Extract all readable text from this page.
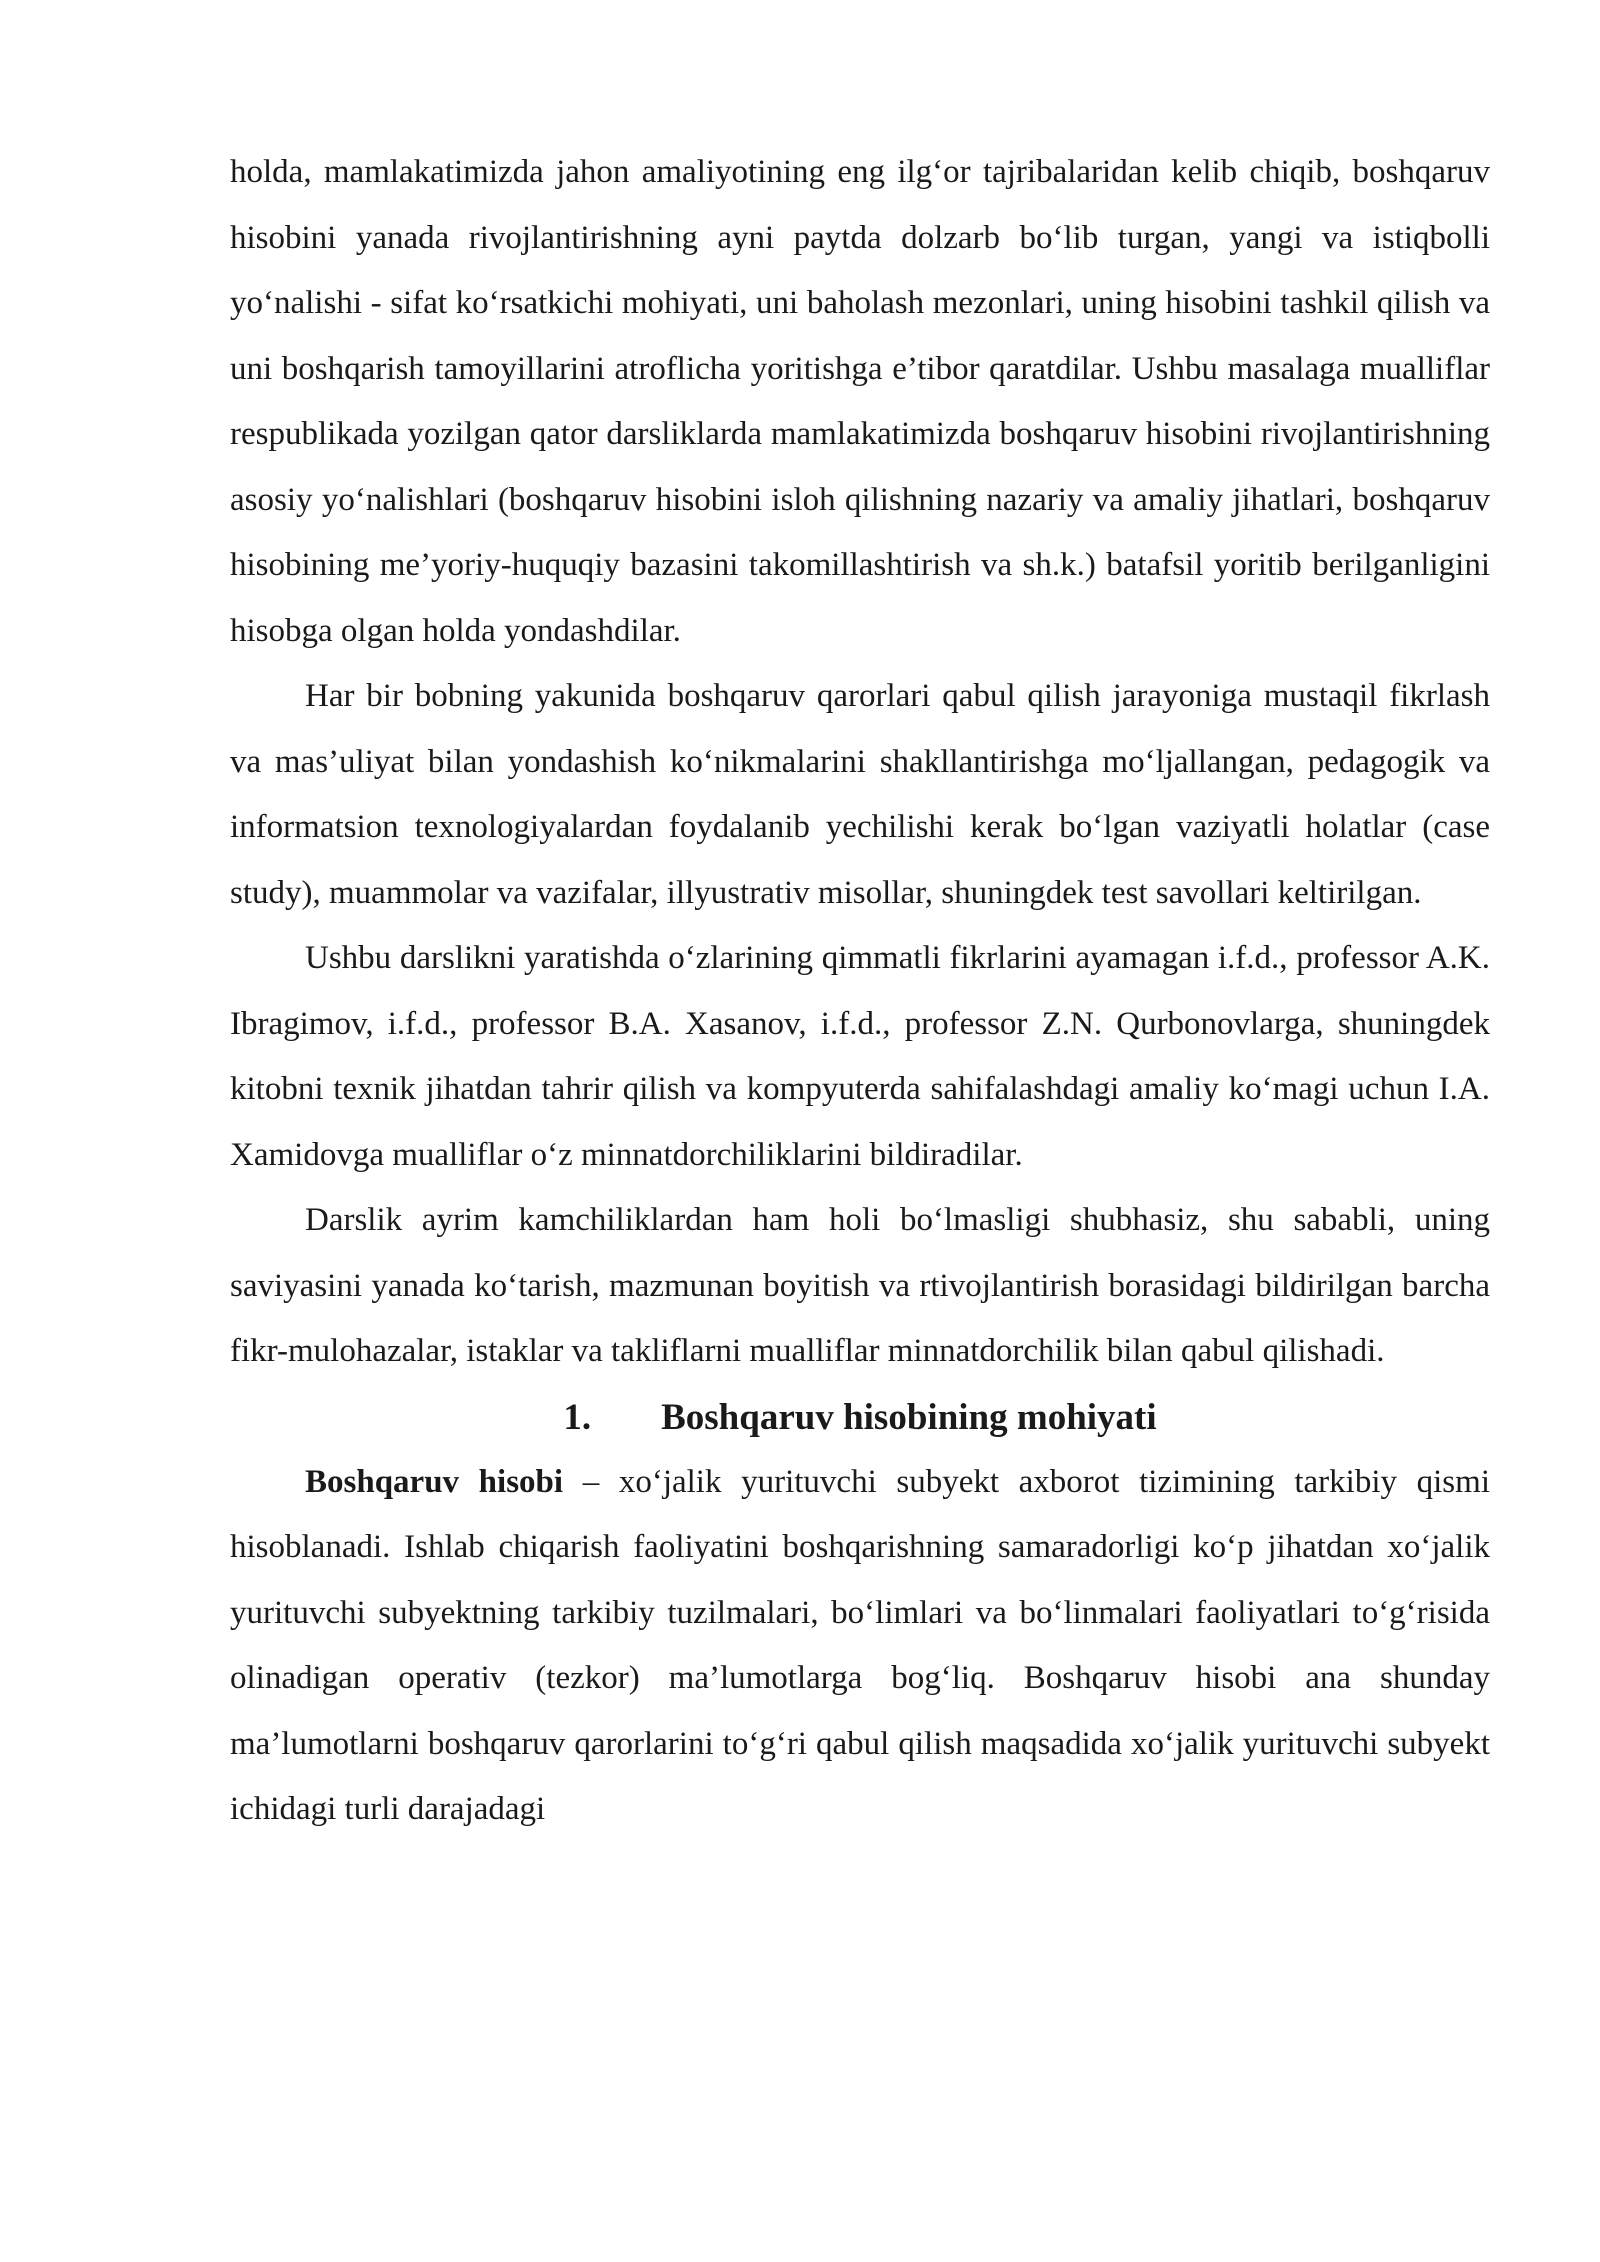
holda, mamlakatimizda jahon amaliyotining eng ilg‘or tajribalaridan kelib chiqib, boshqaruv hisobini yanada rivojlantirishning ayni paytda dolzarb bo‘lib turgan, yangi va istiqbolli yo‘nalishi - sifat ko‘rsatkichi mohiyati, uni baholash mezonlari, uning hisobini tashkil qilish va uni boshqarish tamoyillarini atroflicha yoritishga e’tibor qaratdilar. Ushbu masalaga mualliflar respublikada yozilgan qator darsliklarda mamlakatimizda boshqaruv hisobini rivojlantirishning asosiy yo‘nalishlari (boshqaruv hisobini isloh qilishning nazariy va amaliy jihatlari, boshqaruv hisobining me’yoriy-huquqiy bazasini takomillashtirish va sh.k.) batafsil yoritib berilganligini hisobga olgan holda yondashdilar.

Har bir bobning yakunida boshqaruv qarorlari qabul qilish jarayoniga mustaqil fikrlash va mas’uliyat bilan yondashish ko‘nikmalarini shakllantirishga mo‘ljallangan, pedagogik va informatsion texnologiyalardan foydalanib yechilishi kerak bo‘lgan vaziyatli holatlar (case study), muammolar va vazifalar, illyustrativ misollar, shuningdek test savollari keltirilgan.

Ushbu darslikni yaratishda o‘zlarining qimmatli fikrlarini ayamagan i.f.d., professor A.K. Ibragimov, i.f.d., professor B.A. Xasanov, i.f.d., professor Z.N. Qurbonovlarga, shuningdek kitobni texnik jihatdan tahrir qilish va kompyuterda sahifalashdagi amaliy ko‘magi uchun I.A. Xamidovga mualliflar o‘z minnatdorchiliklarini bildiradilar.

Darslik ayrim kamchiliklardan ham holi bo‘lmasligi shubhasiz, shu sababli, uning saviyasini yanada ko‘tarish, mazmunan boyitish va rtivojlantirish borasidagi bildirilgan barcha fikr-mulohazalar, istaklar va takliflarni mualliflar minnatdorchilik bilan qabul qilishadi.

1. Boshqaruv hisobining mohiyati

Boshqaruv hisobi – xo‘jalik yurituvchi subyekt axborot tizimining tarkibiy qismi hisoblanadi. Ishlab chiqarish faoliyatini boshqarishning samaradorligi ko‘p jihatdan xo‘jalik yurituvchi subyektning tarkibiy tuzilmalari, bo‘limlari va bo‘linmalari faoliyatlari to‘g‘risida olinadigan operativ (tezkor) ma’lumotlarga bog‘liq. Boshqaruv hisobi ana shunday ma’lumotlarni boshqaruv qarorlarini to‘g‘ri qabul qilish maqsadida xo‘jalik yurituvchi subyekt ichidagi turli darajadagi
